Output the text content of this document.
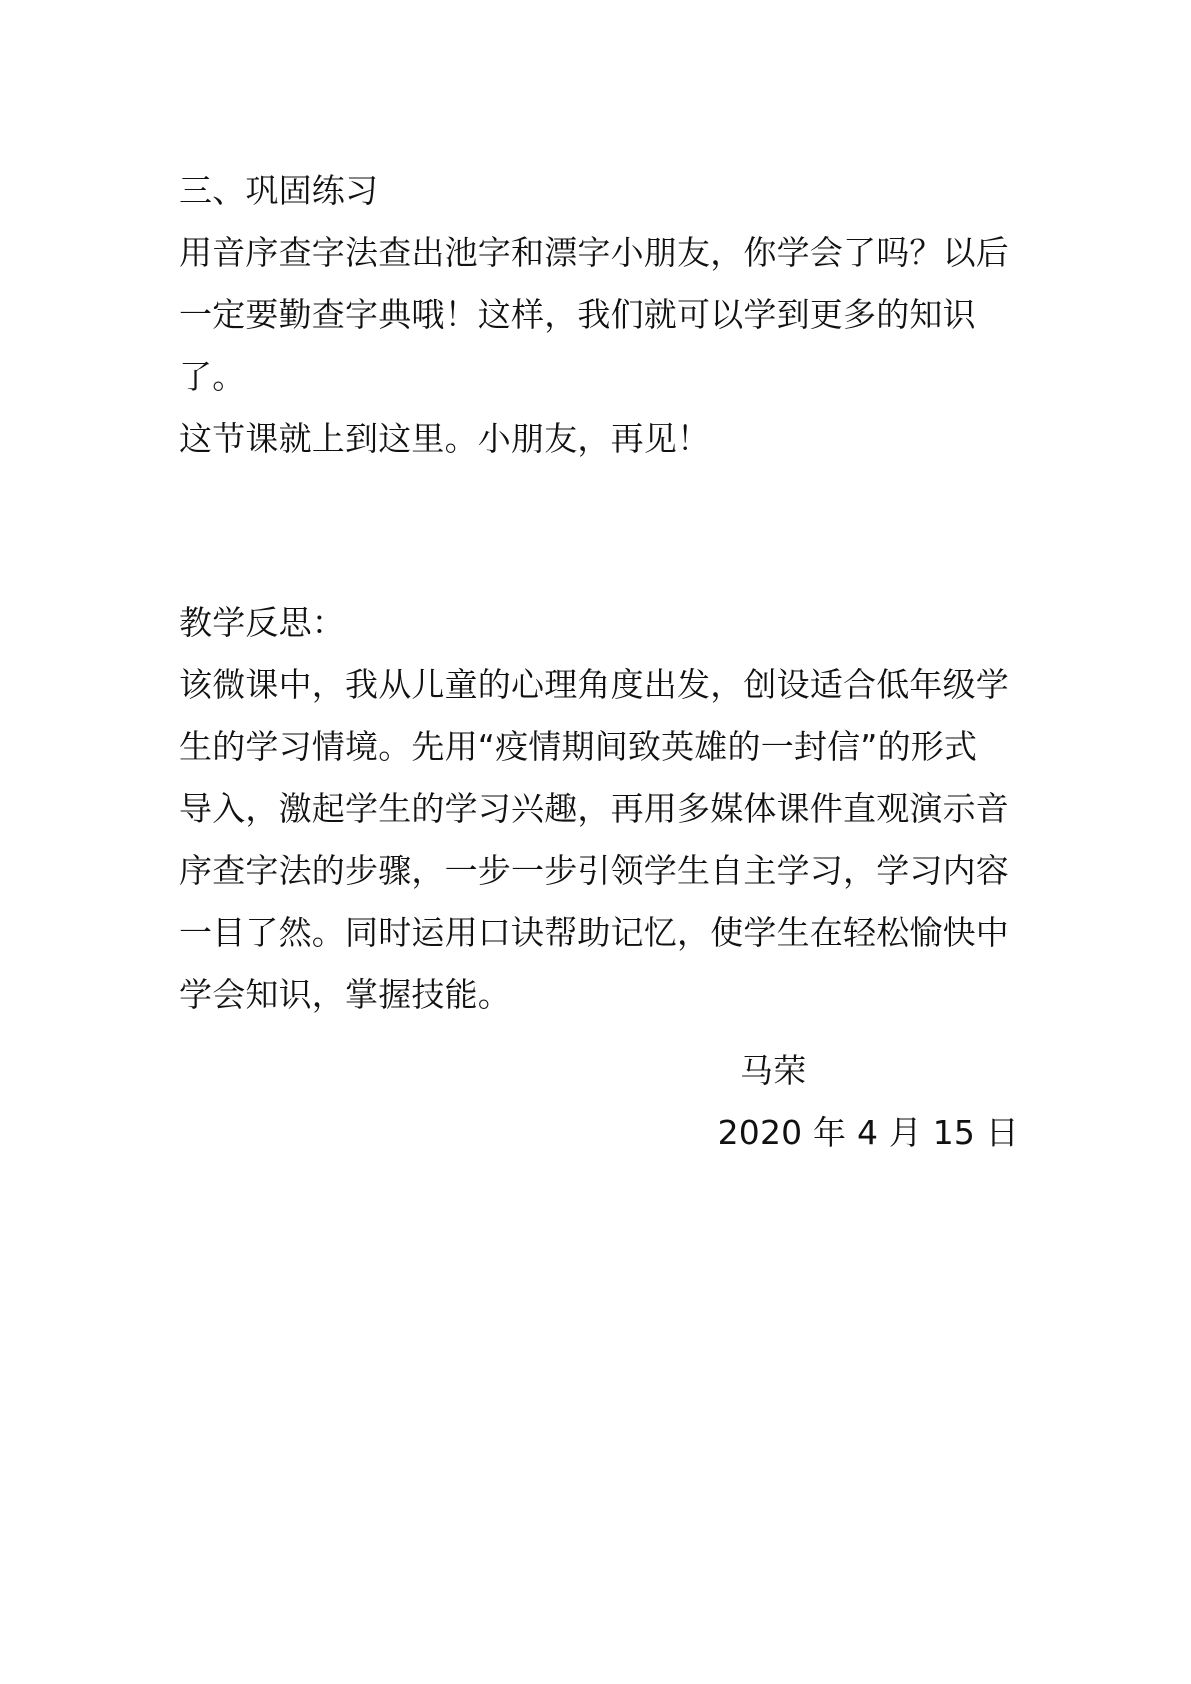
三、巩固练习

用音序查字法查出池字和漂字小朋友，你学会了吗？以后

一定要勤查字典哦！这样，我们就可以学到更多的知识

了。

这节课就上到这里。小朋友，再见！

教学反思：

该微课中，我从儿童的心理角度出发，创设适合低年级学

生的学习情境。先用“疫情期间致英雄的一封信”的形式

导入，激起学生的学习兴趣，再用多媒体课件直观演示音

序查字法的步骤，一步一步引领学生自主学习，学习内容

一目了然。同时运用口诀帮助记忆，使学生在轻松愉快中

学会知识，掌握技能。

马荣

2020 年 4 月 15 日
